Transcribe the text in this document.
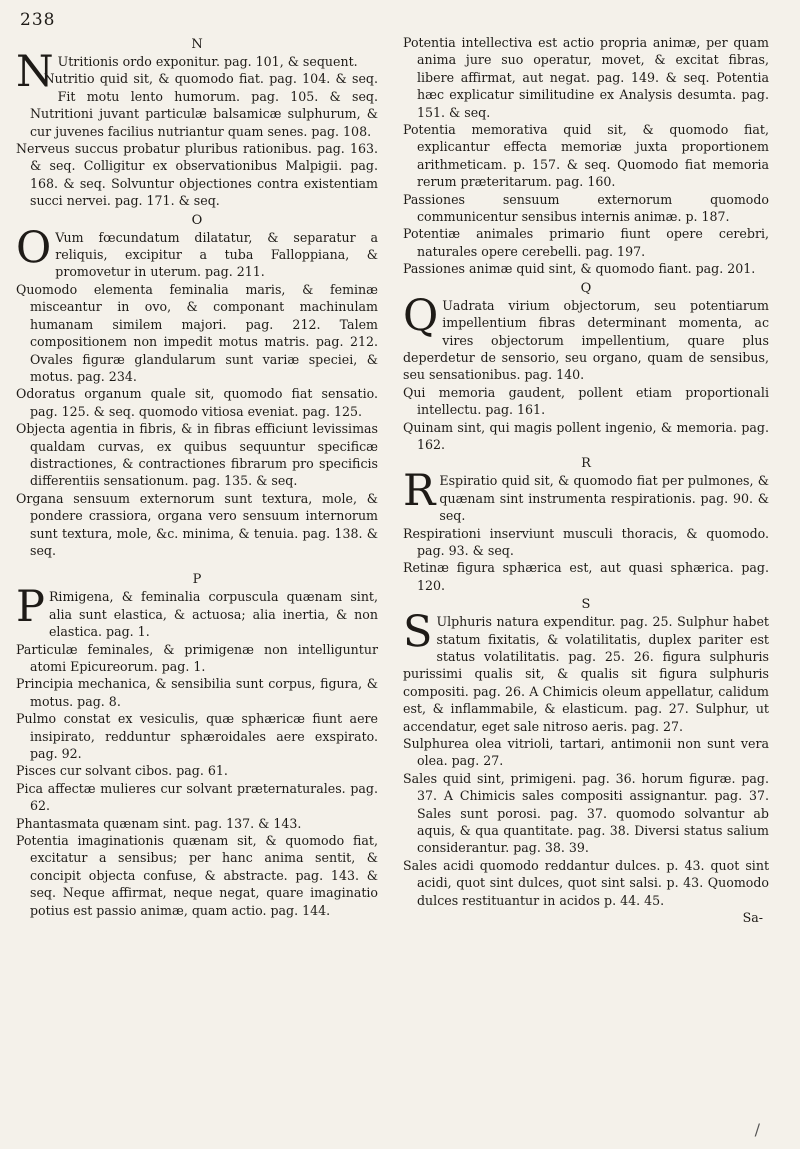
238
N

N Utritionis ordo exponitur. pag. 101, & sequent.

Nutritio quid sit, & quomodo fiat. pag. 104. & seq. Fit motu lento humorum. pag. 105. & seq. Nutritioni juvant particulæ balsamicæ sulphurum, & cur juvenes facilius nutriantur quam senes. pag. 108.

Nerveus succus probatur pluribus rationibus. pag. 163. & seq. Colligitur ex observationibus Malpigii. pag. 168. & seq. Solvuntur objectiones contra existentiam succi nervei. pag. 171. & seq.

O

O Vum fœcundatum dilatatur, & separatur a reliquis, excipitur a tuba Falloppiana, & promovetur in uterum. pag. 211.

Quomodo elementa feminalia maris, & feminæ misceantur in ovo, & componant machinulam humanam similem majori. pag. 212. Talem compositionem non impedit motus matris. pag. 212. Ovales figuræ glandularum sunt variæ speciei, & motus. pag. 234.

Odoratus organum quale sit, quomodo fiat sensatio. pag. 125. & seq. quomodo vitiosa eveniat. pag. 125.

Objecta agentia in fibris, & in fibras efficiunt levissimas qualdam curvas, ex quibus sequuntur specificæ distractiones, & contractiones fibrarum pro specificis differentiis sensationum. pag. 135. & seq.

Organa sensuum externorum sunt textura, mole, & pondere crassiora, organa vero sensuum internorum sunt textura, mole, &c. minima, & tenuia. pag. 138. & seq.

P

P Rimigena, & feminalia corpuscula quænam sint, alia sunt elastica, & actuosa; alia inertia, & non elastica. pag. 1.

Particulæ feminales, & primigenæ non intelliguntur atomi Epicureorum. pag. 1.

Principia mechanica, & sensibilia sunt corpus, figura, & motus. pag. 8.

Pulmo constat ex vesiculis, quæ sphæricæ fiunt aere insipirato, redduntur sphæroidales aere exspirato. pag. 92.

Pisces cur solvant cibos. pag. 61.

Pica affectæ mulieres cur solvant præternaturales. pag. 62.

Phantasmata quænam sint. pag. 137. & 143.

Potentia imaginationis quænam sit, & quomodo fiat, excitatur a sensibus; per hanc anima sentit, & concipit objecta confuse, & abstracte. pag. 143. & seq. Neque affirmat, neque negat, quare imaginatio potius est passio animæ, quam actio. pag. 144.

Potentia intellectiva est actio propria animæ, per quam anima jure suo operatur, movet, & excitat fibras, libere affirmat, aut negat. pag. 149. & seq. Potentia hæc explicatur similitudine ex Analysis desumta. pag. 151. & seq.

Potentia memorativa quid sit, & quomodo fiat, explicantur effecta memoriæ juxta proportionem arithmeticam. p. 157. & seq. Quomodo fiat memoria rerum præteritarum. pag. 160.

Passiones sensuum externorum quomodo communicentur sensibus internis animæ. p. 187.

Potentiæ animales primario fiunt opere cerebri, naturales opere cerebelli. pag. 197.

Passiones animæ quid sint, & quomodo fiant. pag. 201.

Q

Q Uadrata virium objectorum, seu potentiarum impellentium fibras determinant momenta, ac vires objectorum impellentium, quare plus deperdetur de sensorio, seu organo, quam de sensibus, seu sensationibus. pag. 140.

Qui memoria gaudent, pollent etiam proportionali intellectu. pag. 161.

Quinam sint, qui magis pollent ingenio, & memoria. pag. 162.

R

R Espiratio quid sit, & quomodo fiat per pulmones, & quænam sint instrumenta respirationis. pag. 90. & seq.

Respirationi inserviunt musculi thoracis, & quomodo. pag. 93. & seq.

Retinæ figura sphærica est, aut quasi sphærica. pag. 120.

S

S Ulphuris natura expenditur. pag. 25. Sulphur habet statum fixitatis, & volatilitatis, duplex pariter est status volatilitatis. pag. 25. 26. figura sulphuris purissimi qualis sit, & qualis sit figura sulphuris compositi. pag. 26. A Chimicis oleum appellatur, calidum est, & inflammabile, & elasticum. pag. 27. Sulphur, ut accendatur, eget sale nitroso aeris. pag. 27.

Sulphurea olea vitrioli, tartari, antimonii non sunt vera olea. pag. 27.

Sales quid sint, primigeni. pag. 36. horum figuræ. pag. 37. A Chimicis sales compositi assignantur. pag. 37. Sales sunt porosi. pag. 37. quomodo solvantur ab aquis, & qua quantitate. pag. 38. Diversi status salium considerantur. pag. 38. 39.

Sales acidi quomodo reddantur dulces. p. 43. quot sint acidi, quot sint dulces, quot sint salsi. p. 43. Quomodo dulces restituantur in acidos p. 44. 45.

Sa-
/
